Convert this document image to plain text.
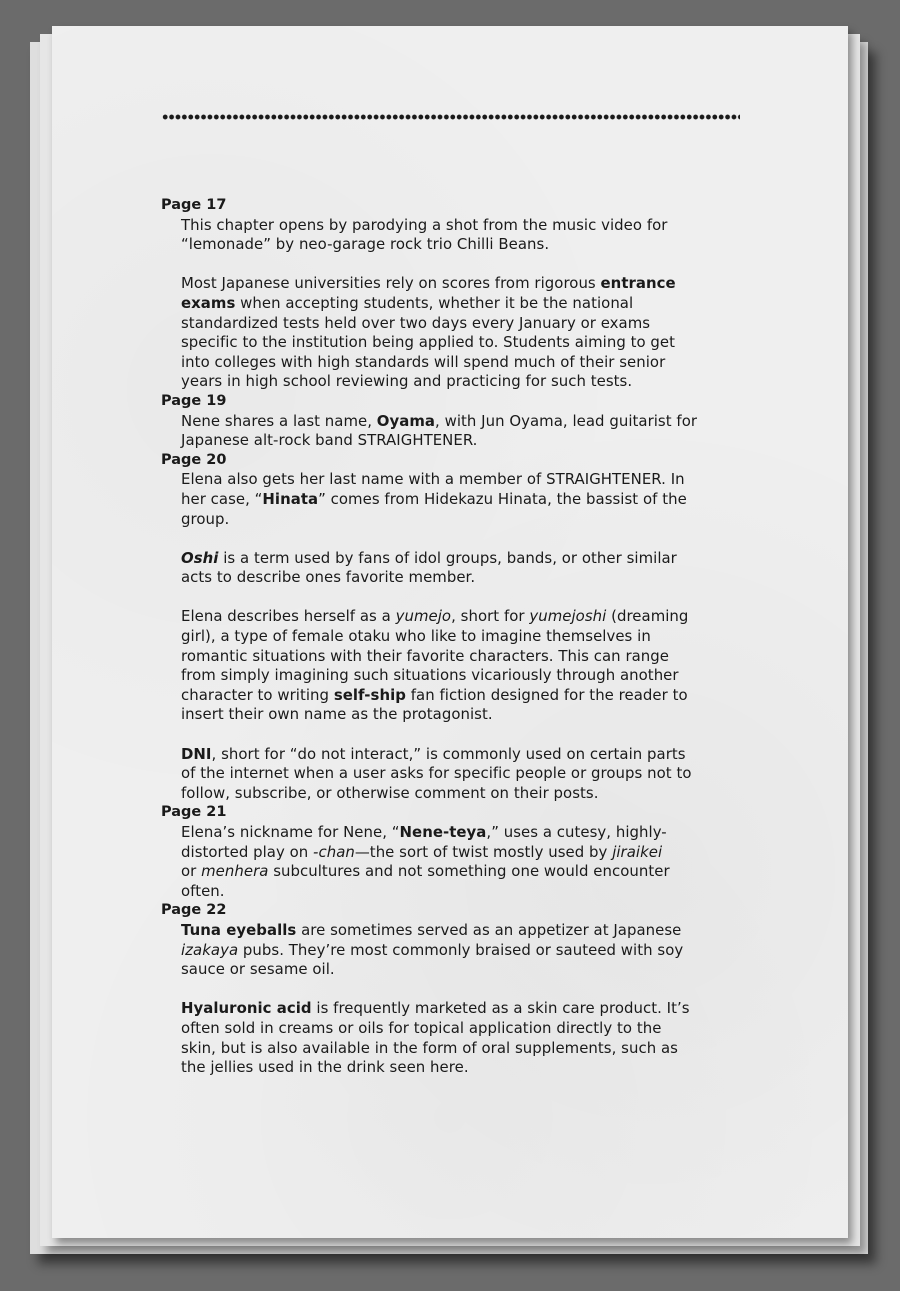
Page 17

This chapter opens by parodying a shot from the music video for
“lemonade” by neo-garage rock trio Chilli Beans.

Most Japanese universities rely on scores from rigorous entrance
exams when accepting students, whether it be the national
standardized tests held over two days every January or exams
specific to the institution being applied to. Students aiming to get
into colleges with high standards will spend much of their senior
years in high school reviewing and practicing for such tests.

Page 19

Nene shares a last name, Oyama, with Jun Oyama, lead guitarist for
Japanese alt-rock band STRAIGHTENER.

Page 20

Elena also gets her last name with a member of STRAIGHTENER. In
her case, “Hinata” comes from Hidekazu Hinata, the bassist of the
group.

Oshi is a term used by fans of idol groups, bands, or other similar
acts to describe ones favorite member.

Elena describes herself as a yumejo, short for yumejoshi (dreaming
girl), a type of female otaku who like to imagine themselves in
romantic situations with their favorite characters. This can range
from simply imagining such situations vicariously through another
character to writing self-ship fan fiction designed for the reader to
insert their own name as the protagonist.

DNI, short for “do not interact,” is commonly used on certain parts
of the internet when a user asks for specific people or groups not to
follow, subscribe, or otherwise comment on their posts.

Page 21

Elena’s nickname for Nene, “Nene-teya,” uses a cutesy, highly-
distorted play on -chan—the sort of twist mostly used by jiraikei
or menhera subcultures and not something one would encounter
often.

Page 22

Tuna eyeballs are sometimes served as an appetizer at Japanese
izakaya pubs. They’re most commonly braised or sauteed with soy
sauce or sesame oil.

Hyaluronic acid is frequently marketed as a skin care product. It’s
often sold in creams or oils for topical application directly to the
skin, but is also available in the form of oral supplements, such as
the jellies used in the drink seen here.
